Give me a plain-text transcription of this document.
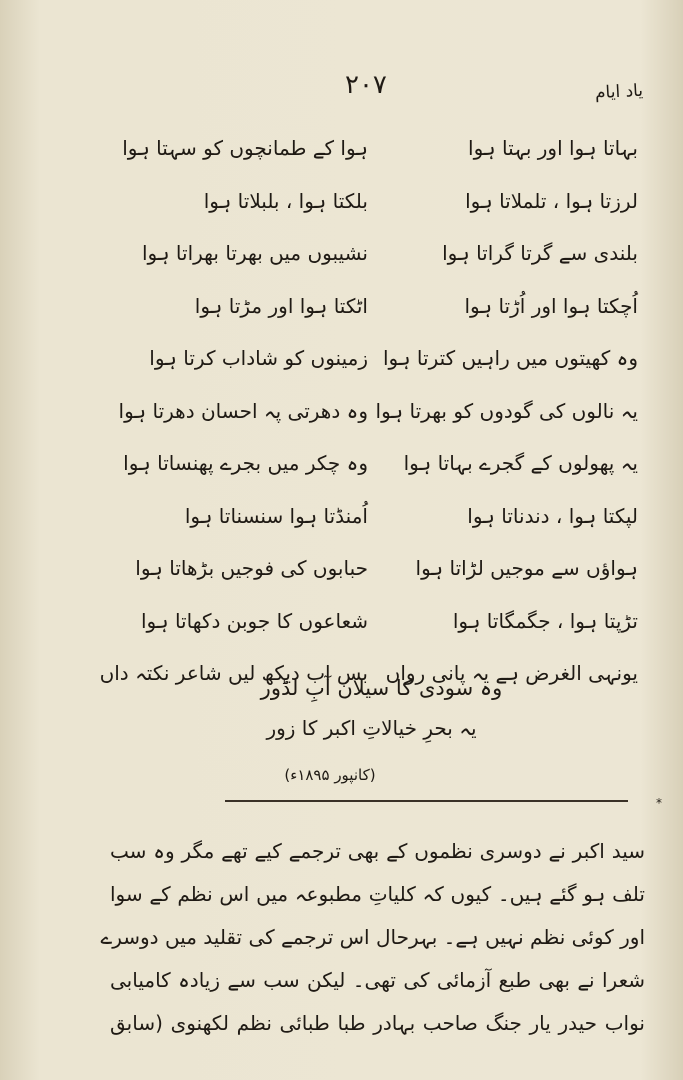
یاد ایام
۲۰۷
بہاتا ہوا اور بہتا ہوا
ہوا کے طمانچوں کو سہتا ہوا
لرزتا ہوا ، تلملاتا ہوا
بلکتا ہوا ، بلبلاتا ہوا
بلندی سے گرتا گراتا ہوا
نشیبوں میں بھرتا بھراتا ہوا
اُچکتا ہوا اور اُڑتا ہوا
اٹکتا ہوا اور مڑتا ہوا
وہ کھیتوں میں راہیں کترتا ہوا
زمینوں کو شاداب کرتا ہوا
یہ نالوں کی گودوں کو بھرتا ہوا
وہ دھرتی پہ احسان دھرتا ہوا
یہ پھولوں کے گجرے بہاتا ہوا
وہ چکر میں بجرے پھنساتا ہوا
لپکتا ہوا ، دندناتا ہوا
اُمنڈتا ہوا سنسناتا ہوا
ہواؤں سے موجیں لڑاتا ہوا
حبابوں کی فوجیں بڑھاتا ہوا
تڑپتا ہوا ، جگمگاتا ہوا
شعاعوں کا جوبن دکھاتا ہوا
یونہی الغرض ہے یہ پانی رواں
بس اب دیکھ لیں شاعر نکتہ داں
وہ سودی کا سیلان آبِ لڈور
یہ بحرِ خیالاتِ اکبر کا زور
(کانپور ۱۸۹۵ء)
*
سید اکبر نے دوسری نظموں کے بھی ترجمے کیے تھے مگر وہ سب
تلف ہو گئے ہیں۔ کیوں کہ کلیاتِ مطبوعہ میں اس نظم کے سوا
اور کوئی نظم نہیں ہے۔ بہرحال اس ترجمے کی تقلید میں دوسرے
شعرا نے بھی طبع آزمائی کی تھی۔ لیکن سب سے زیادہ کامیابی
نواب حیدر یار جنگ صاحب بہادر طبا طبائی نظم لکھنوی (سابق
